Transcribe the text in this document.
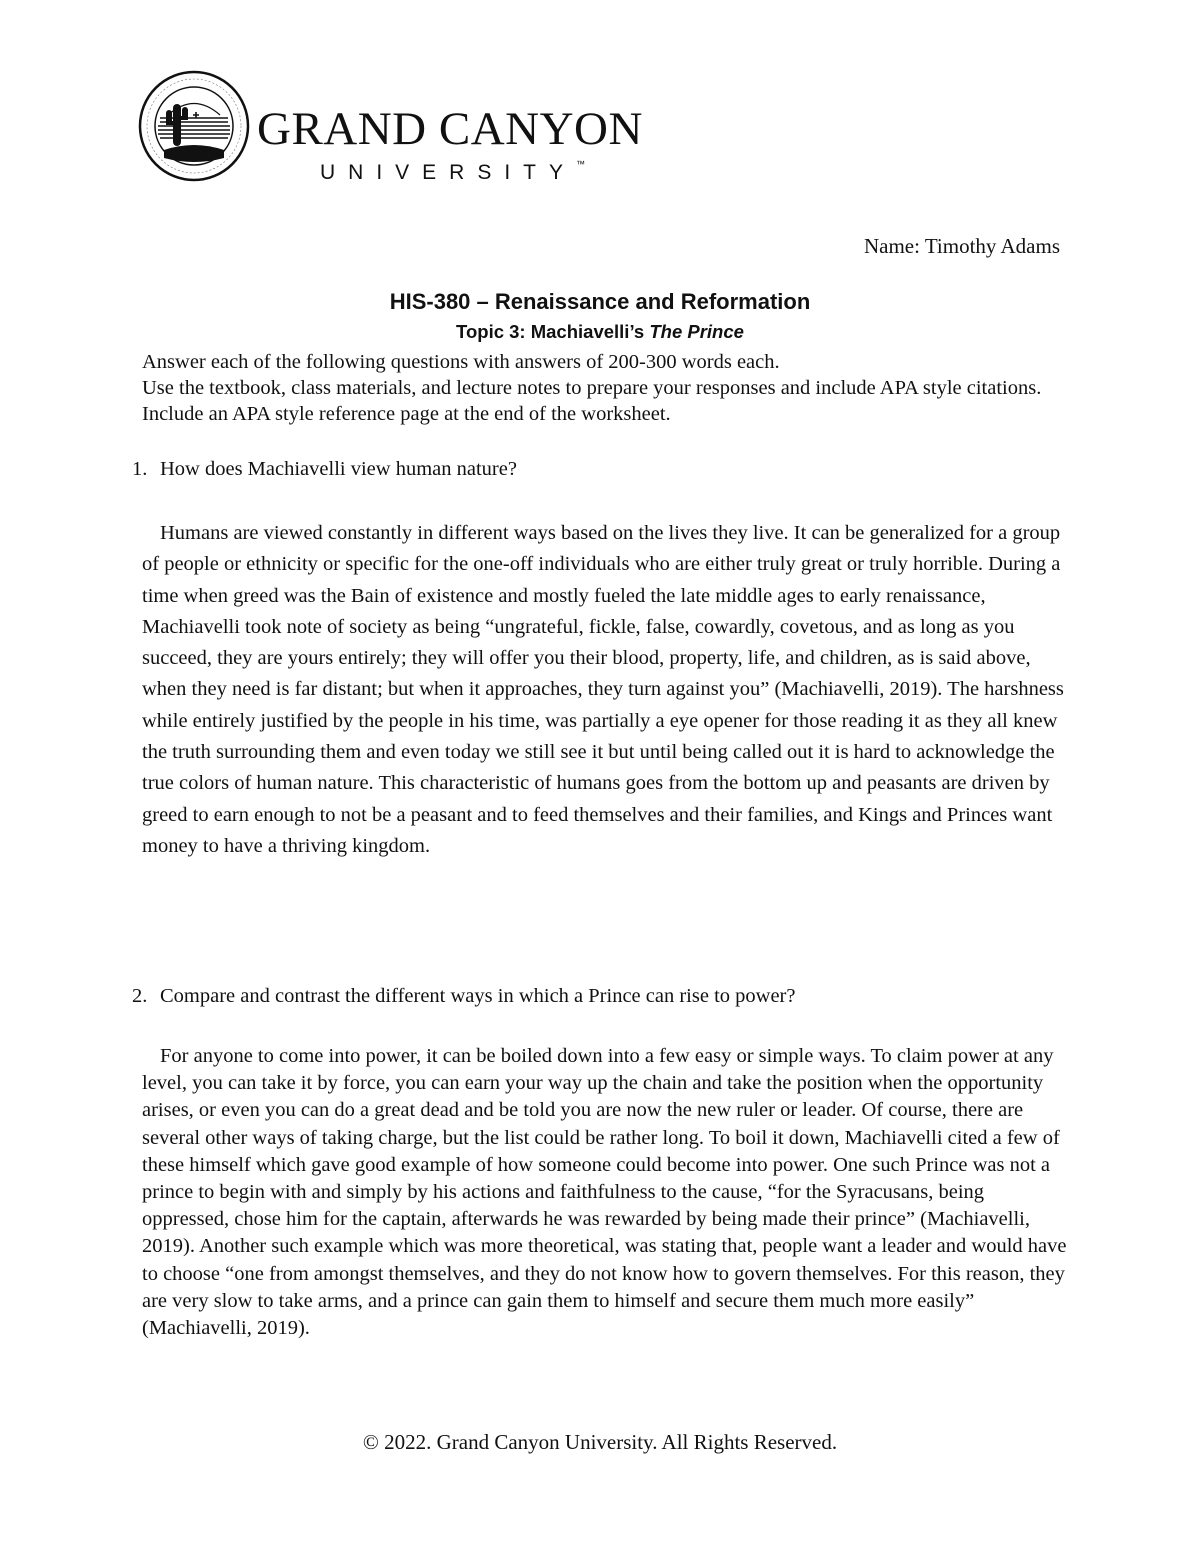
GRAND CANYON
UNIVERSITY™
Name: Timothy Adams
HIS-380 – Renaissance and Reformation
Topic 3: Machiavelli’s The Prince

Answer each of the following questions with answers of 200-300 words each.

Use the textbook, class materials, and lecture notes to prepare your responses and include APA style citations. Include an APA style reference page at the end of the worksheet.

1. How does Machiavelli view human nature?

Humans are viewed constantly in different ways based on the lives they live. It can be generalized for a group of people or ethnicity or specific for the one-off individuals who are either truly great or truly horrible. During a time when greed was the Bain of existence and mostly fueled the late middle ages to early renaissance, Machiavelli took note of society as being “ungrateful, fickle, false, cowardly, covetous, and as long as you succeed, they are yours entirely; they will offer you their blood, property, life, and children, as is said above, when they need is far distant; but when it approaches, they turn against you” (Machiavelli, 2019). The harshness while entirely justified by the people in his time, was partially a eye opener for those reading it as they all knew the truth surrounding them and even today we still see it but until being called out it is hard to acknowledge the true colors of human nature. This characteristic of humans goes from the bottom up and peasants are driven by greed to earn enough to not be a peasant and to feed themselves and their families, and Kings and Princes want money to have a thriving kingdom.

2. Compare and contrast the different ways in which a Prince can rise to power?

For anyone to come into power, it can be boiled down into a few easy or simple ways. To claim power at any level, you can take it by force, you can earn your way up the chain and take the position when the opportunity arises, or even you can do a great dead and be told you are now the new ruler or leader. Of course, there are several other ways of taking charge, but the list could be rather long. To boil it down, Machiavelli cited a few of these himself which gave good example of how someone could become into power. One such Prince was not a prince to begin with and simply by his actions and faithfulness to the cause, “for the Syracusans, being oppressed, chose him for the captain, afterwards he was rewarded by being made their prince” (Machiavelli, 2019). Another such example which was more theoretical, was stating that, people want a leader and would have to choose “one from amongst themselves, and they do not know how to govern themselves. For this reason, they are very slow to take arms, and a prince can gain them to himself and secure them much more easily” (Machiavelli, 2019).

© 2022. Grand Canyon University. All Rights Reserved.
